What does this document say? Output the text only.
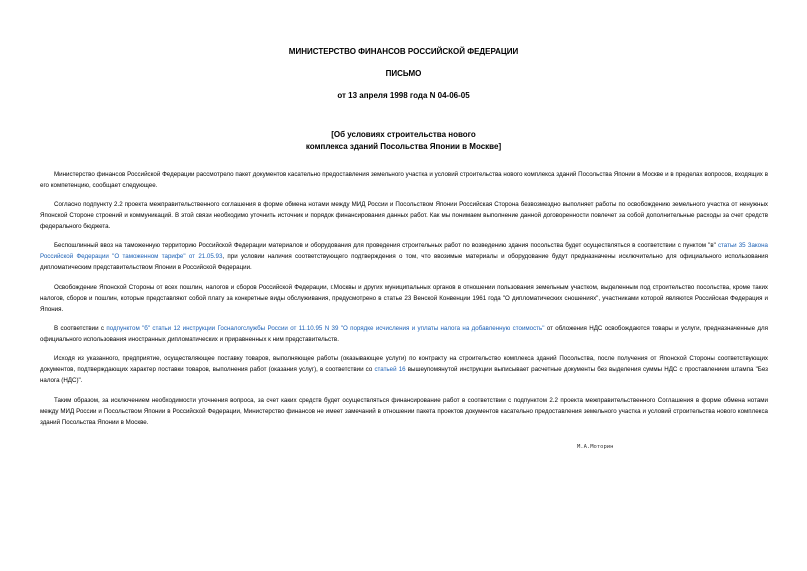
МИНИСТЕРСТВО ФИНАНСОВ РОССИЙСКОЙ ФЕДЕРАЦИИ
ПИСЬМО
от 13 апреля 1998 года N 04-06-05
[Об условиях строительства нового
комплекса зданий Посольства Японии в Москве]
Министерство финансов Российской Федерации рассмотрело пакет документов касательно предоставления земельного участка и условий строительства нового комплекса зданий Посольства Японии в Москве и в пределах вопросов, входящих в его компетенцию, сообщает следующее.
Согласно подпункту 2.2 проекта межправительственного соглашения в форме обмена нотами между МИД России и Посольством Японии Российская Сторона безвозмездно выполняет работы по освобождению земельного участка от ненужных Японской Стороне строений и коммуникаций. В этой связи необходимо уточнить источник и порядок финансирования данных работ. Как мы понимаем выполнение данной договоренности повлечет за собой дополнительные расходы за счет средств федерального бюджета.
Беспошлинный ввоз на таможенную территорию Российской Федерации материалов и оборудования для проведения строительных работ по возведению здания посольства будет осуществляться в соответствии с пунктом "в" статьи 35 Закона Российской Федерации "О таможенном тарифе" от 21.05.93, при условии наличия соответствующего подтверждения о том, что ввозимые материалы и оборудование будут предназначены исключительно для официального использования дипломатическим представительством Японии в Российской Федерации.
Освобождение Японской Стороны от всех пошлин, налогов и сборов Российской Федерации, г.Москвы и других муниципальных органов в отношении пользования земельным участком, выделенным под строительство посольства, кроме таких налогов, сборов и пошлин, которые представляют собой плату за конкретные виды обслуживания, предусмотрено в статье 23 Венской Конвенции 1961 года "О дипломатических сношениях", участниками которой являются Российская Федерация и Япония.
В соответствии с подпунктом "б" статьи 12 инструкции Госналогслужбы России от 11.10.95 N 39 "О порядке исчисления и уплаты налога на добавленную стоимость" от обложения НДС освобождаются товары и услуги, предназначенные для официального использования иностранных дипломатических и приравненных к ним представительств.
Исходя из указанного, предприятие, осуществляющее поставку товаров, выполняющее работы (оказывающее услуги) по контракту на строительство комплекса зданий Посольства, после получения от Японской Стороны соответствующих документов, подтверждающих характер поставки товаров, выполнения работ (оказания услуг), в соответствии со статьей 16 вышеупомянутой инструкции выписывает расчетные документы без выделения суммы НДС с проставлением штампа "Без налога (НДС)".
Таким образом, за исключением необходимости уточнения вопроса, за счет каких средств будет осуществляться финансирование работ в соответствии с подпунктом 2.2 проекта межправительственного Соглашения в форме обмена нотами между МИД России и Посольством Японии в Российской Федерации, Министерство финансов не имеет замечаний в отношении пакета проектов документов касательно предоставления земельного участка и условий строительства нового комплекса зданий Посольства Японии в Москве.
М.А.Моторин
